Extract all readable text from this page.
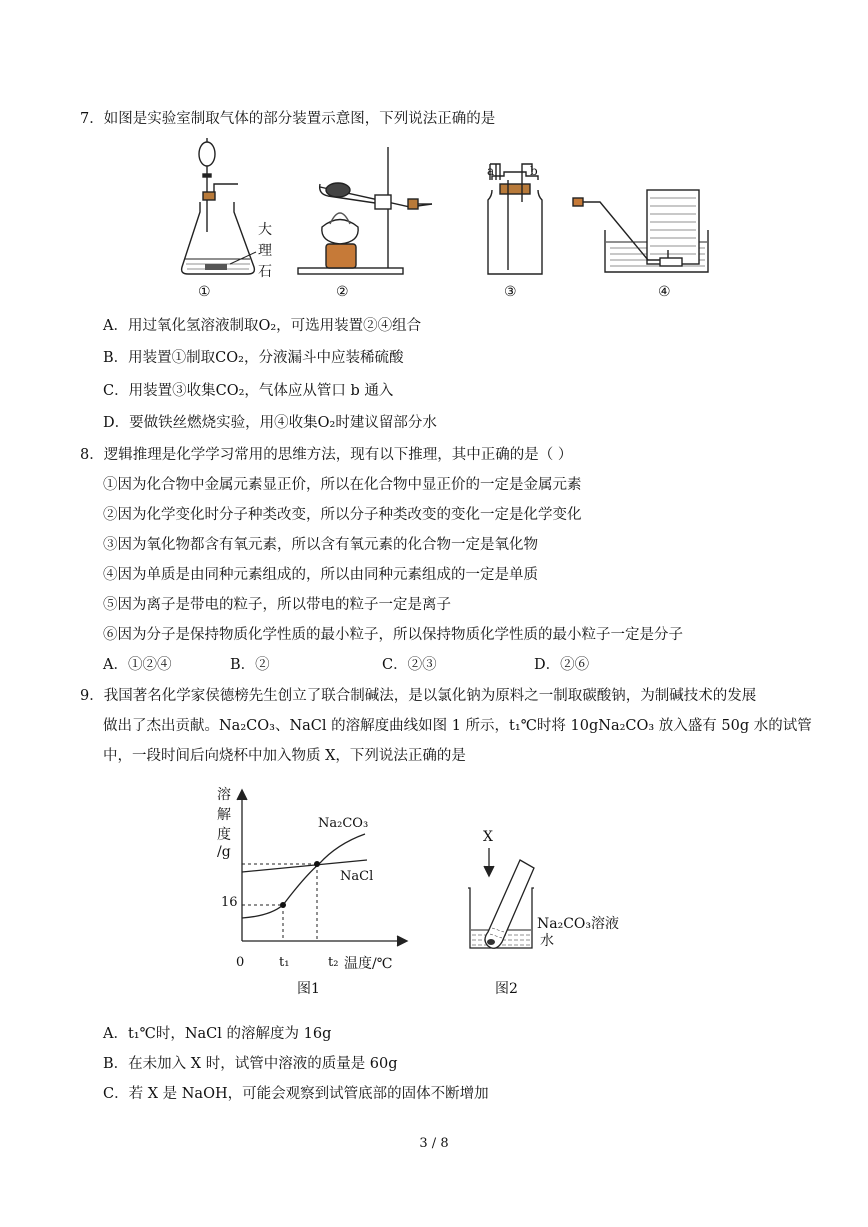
7．如图是实验室制取气体的部分装置示意图，下列说法正确的是
大
理
石
a	b
①	②	③	④
A．用过氧化氢溶液制取O₂，可选用装置②④组合
B．用装置①制取CO₂，分液漏斗中应装稀硫酸
C．用装置③收集CO₂，气体应从管口 b 通入
D．要做铁丝燃烧实验，用④收集O₂时建议留部分水
8．逻辑推理是化学学习常用的思维方法，现有以下推理，其中正确的是（ ）
①因为化合物中金属元素显正价，所以在化合物中显正价的一定是金属元素
②因为化学变化时分子种类改变，所以分子种类改变的变化一定是化学变化
③因为氧化物都含有氧元素，所以含有氧元素的化合物一定是氧化物
④因为单质是由同种元素组成的，所以由同种元素组成的一定是单质
⑤因为离子是带电的粒子，所以带电的粒子一定是离子
⑥因为分子是保持物质化学性质的最小粒子，所以保持物质化学性质的最小粒子一定是分子
A．①②④	B．②	C．②③	D．②⑥
9．我国著名化学家侯德榜先生创立了联合制碱法，是以氯化钠为原料之一制取碳酸钠，为制碱技术的发展
做出了杰出贡献。Na₂CO₃、NaCl 的溶解度曲线如图 1 所示，t₁℃时将 10gNa₂CO₃ 放入盛有 50g 水的试管
中，一段时间后向烧杯中加入物质 X，下列说法正确的是
溶
解
度
/g
16
0	t₁	t₂ 温度/℃
Na₂CO₃
NaCl
图1
X
Na₂CO₃溶液
水
图2
A．t₁℃时，NaCl 的溶解度为 16g
B．在未加入 X 时，试管中溶液的质量是 60g
C．若 X 是 NaOH，可能会观察到试管底部的固体不断增加
3 / 8
